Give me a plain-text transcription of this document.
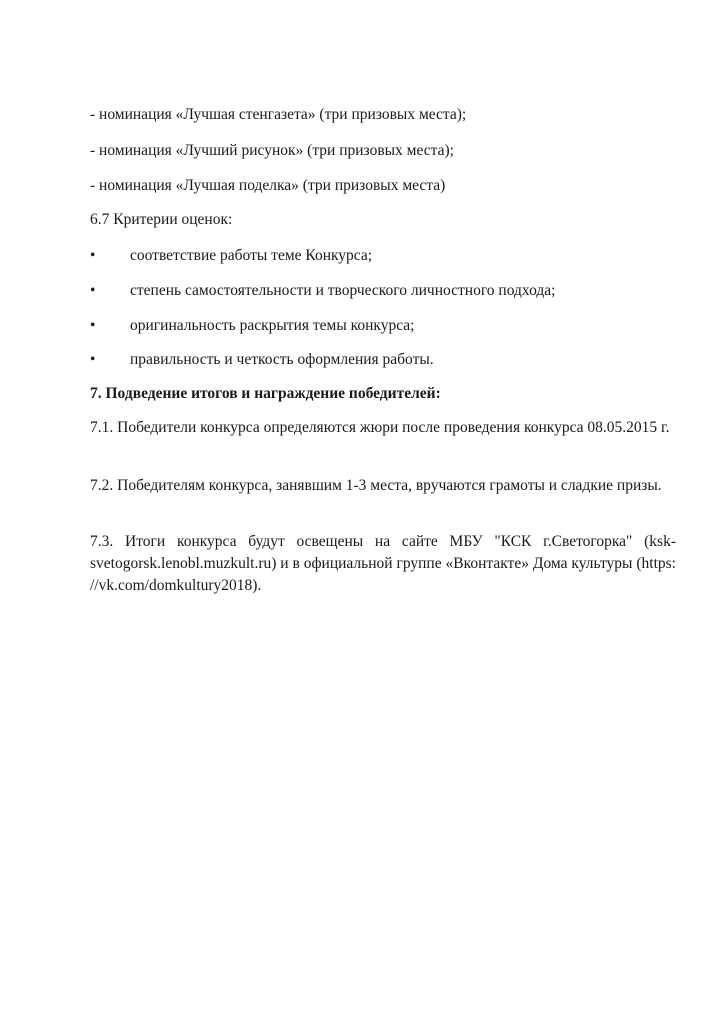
- номинация «Лучшая стенгазета» (три призовых места);
- номинация «Лучший рисунок» (три призовых места);
- номинация «Лучшая поделка» (три призовых места)
6.7 Критерии оценок:
• соответствие работы теме Конкурса;
• степень самостоятельности и творческого личностного подхода;
• оригинальность раскрытия темы конкурса;
• правильность и четкость оформления работы.
7. Подведение итогов и награждение победителей:
7.1. Победители конкурса определяются жюри после проведения конкурса 08.05.2015 г.
7.2. Победителям конкурса, занявшим 1-3 места, вручаются грамоты и сладкие призы.
7.3. Итоги конкурса будут освещены на сайте МБУ "КСК г.Светогорка" (ksk-svetogorsk.lenobl.muzkult.ru) и в официальной группе «Вконтакте» Дома культуры (https: //vk.com/domkultury2018).
